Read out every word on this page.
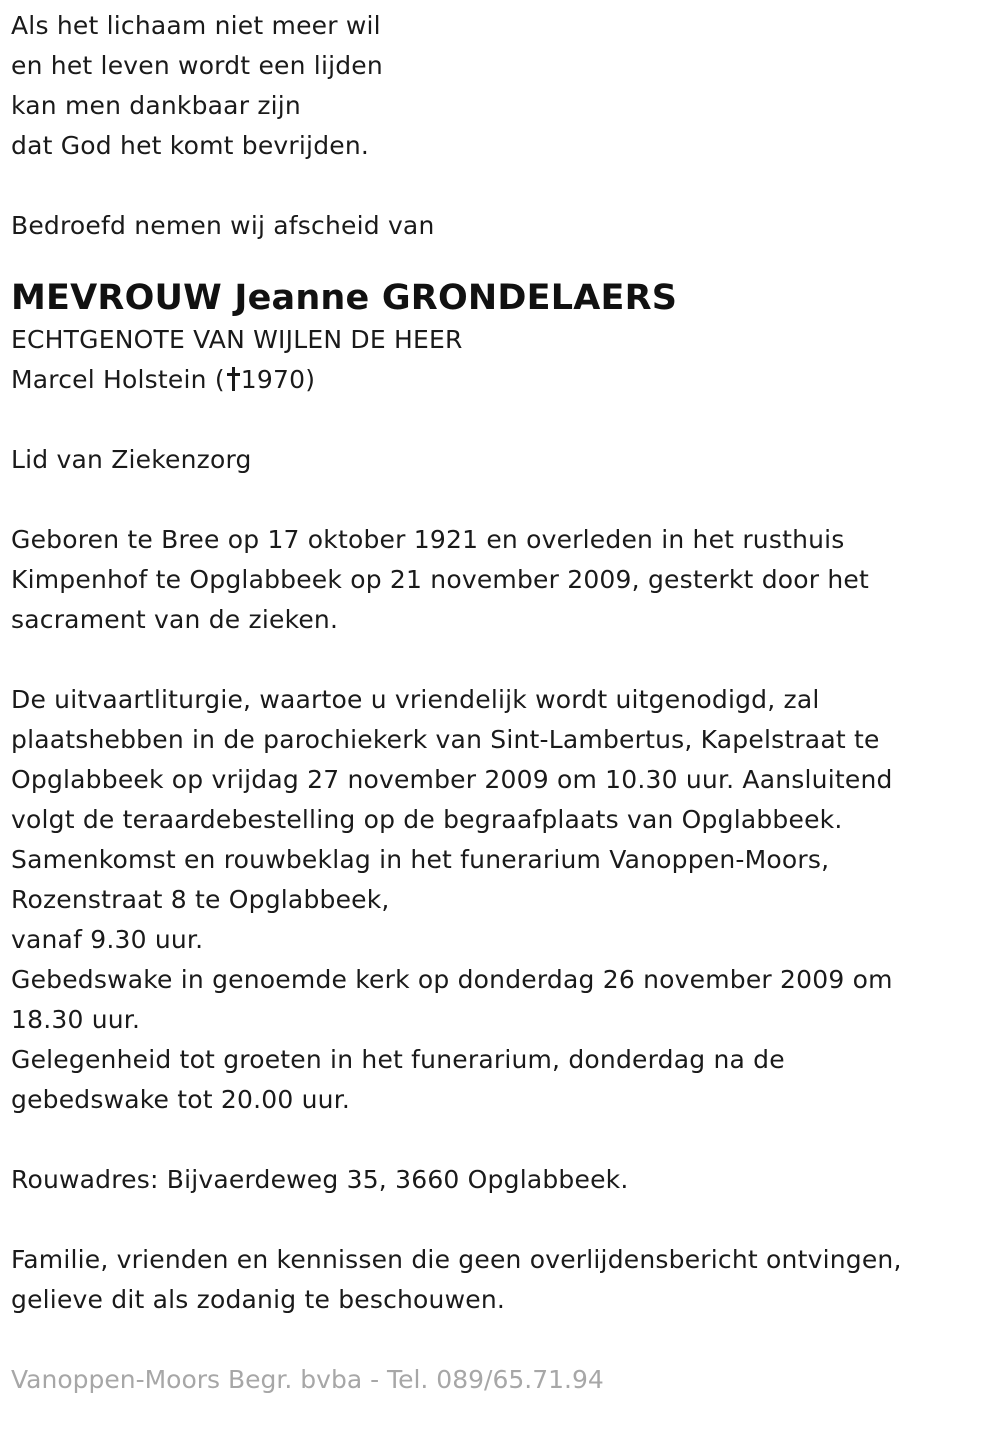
Als het lichaam niet meer wil
en het leven wordt een lijden
kan men dankbaar zijn
dat God het komt bevrijden.
Bedroefd nemen wij afscheid van
MEVROUW Jeanne GRONDELAERS
ECHTGENOTE VAN WIJLEN DE HEER
Marcel Holstein ( 1970)
Lid van Ziekenzorg
Geboren te Bree op 17 oktober 1921 en overleden in het rusthuis
Kimpenhof te Opglabbeek op 21 november 2009, gesterkt door het
sacrament van de zieken.
De uitvaartliturgie, waartoe u vriendelijk wordt uitgenodigd, zal
plaatshebben in de parochiekerk van Sint-Lambertus, Kapelstraat te
Opglabbeek op vrijdag 27 november 2009 om 10.30 uur. Aansluitend
volgt de teraardebestelling op de begraafplaats van Opglabbeek.
Samenkomst en rouwbeklag in het funerarium Vanoppen-Moors,
Rozenstraat 8 te Opglabbeek,
vanaf 9.30 uur.
Gebedswake in genoemde kerk op donderdag 26 november 2009 om
18.30 uur.
Gelegenheid tot groeten in het funerarium, donderdag na de
gebedswake tot 20.00 uur.
Rouwadres: Bijvaerdeweg 35, 3660 Opglabbeek.
Familie, vrienden en kennissen die geen overlijdensbericht ontvingen,
gelieve dit als zodanig te beschouwen.
Vanoppen-Moors Begr. bvba - Tel. 089/65.71.94
